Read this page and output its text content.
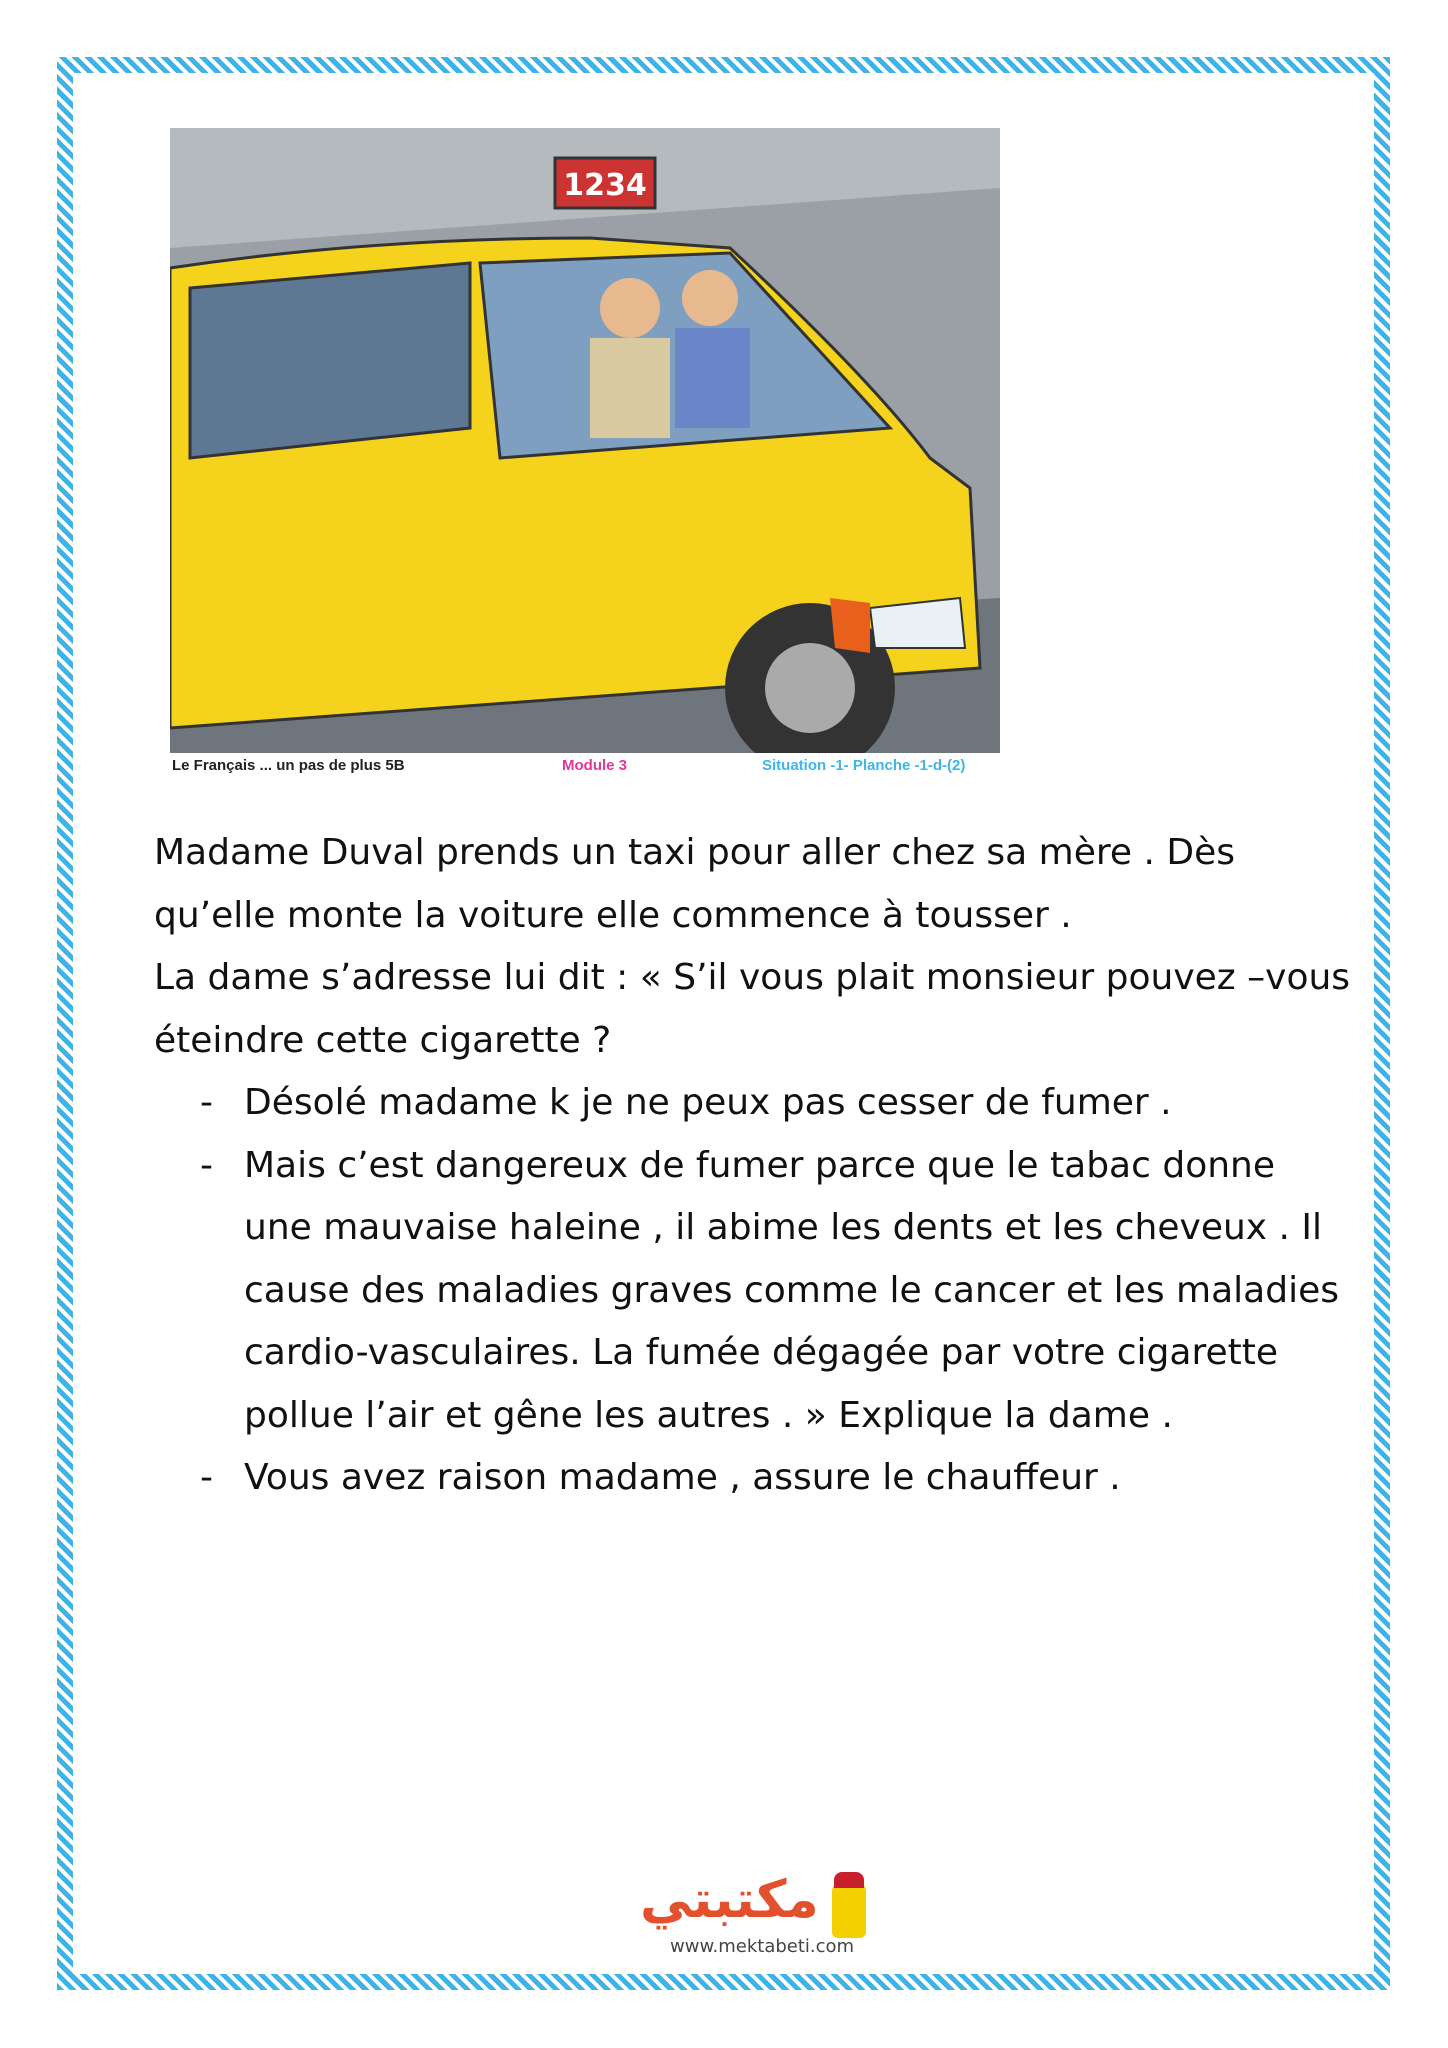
1234
Le Français ... un pas de plus 5B	Module 3	Situation -1- Planche -1-d-(2)

Madame Duval prends un taxi pour aller chez sa mère . Dès qu’elle monte la voiture elle commence à tousser .

La dame s’adresse lui dit : « S’il vous plait monsieur pouvez –vous éteindre cette cigarette ?

- Désolé madame k je ne peux pas cesser de fumer .
- Mais c’est dangereux de fumer parce que le tabac donne une mauvaise haleine , il abime les dents et les cheveux . Il cause des maladies graves comme le cancer et les maladies cardio-vasculaires. La fumée dégagée par votre cigarette pollue l’air et gêne les autres . » Explique la dame .
- Vous avez raison madame , assure le chauffeur .
مكتبتي
www.mektabeti.com
